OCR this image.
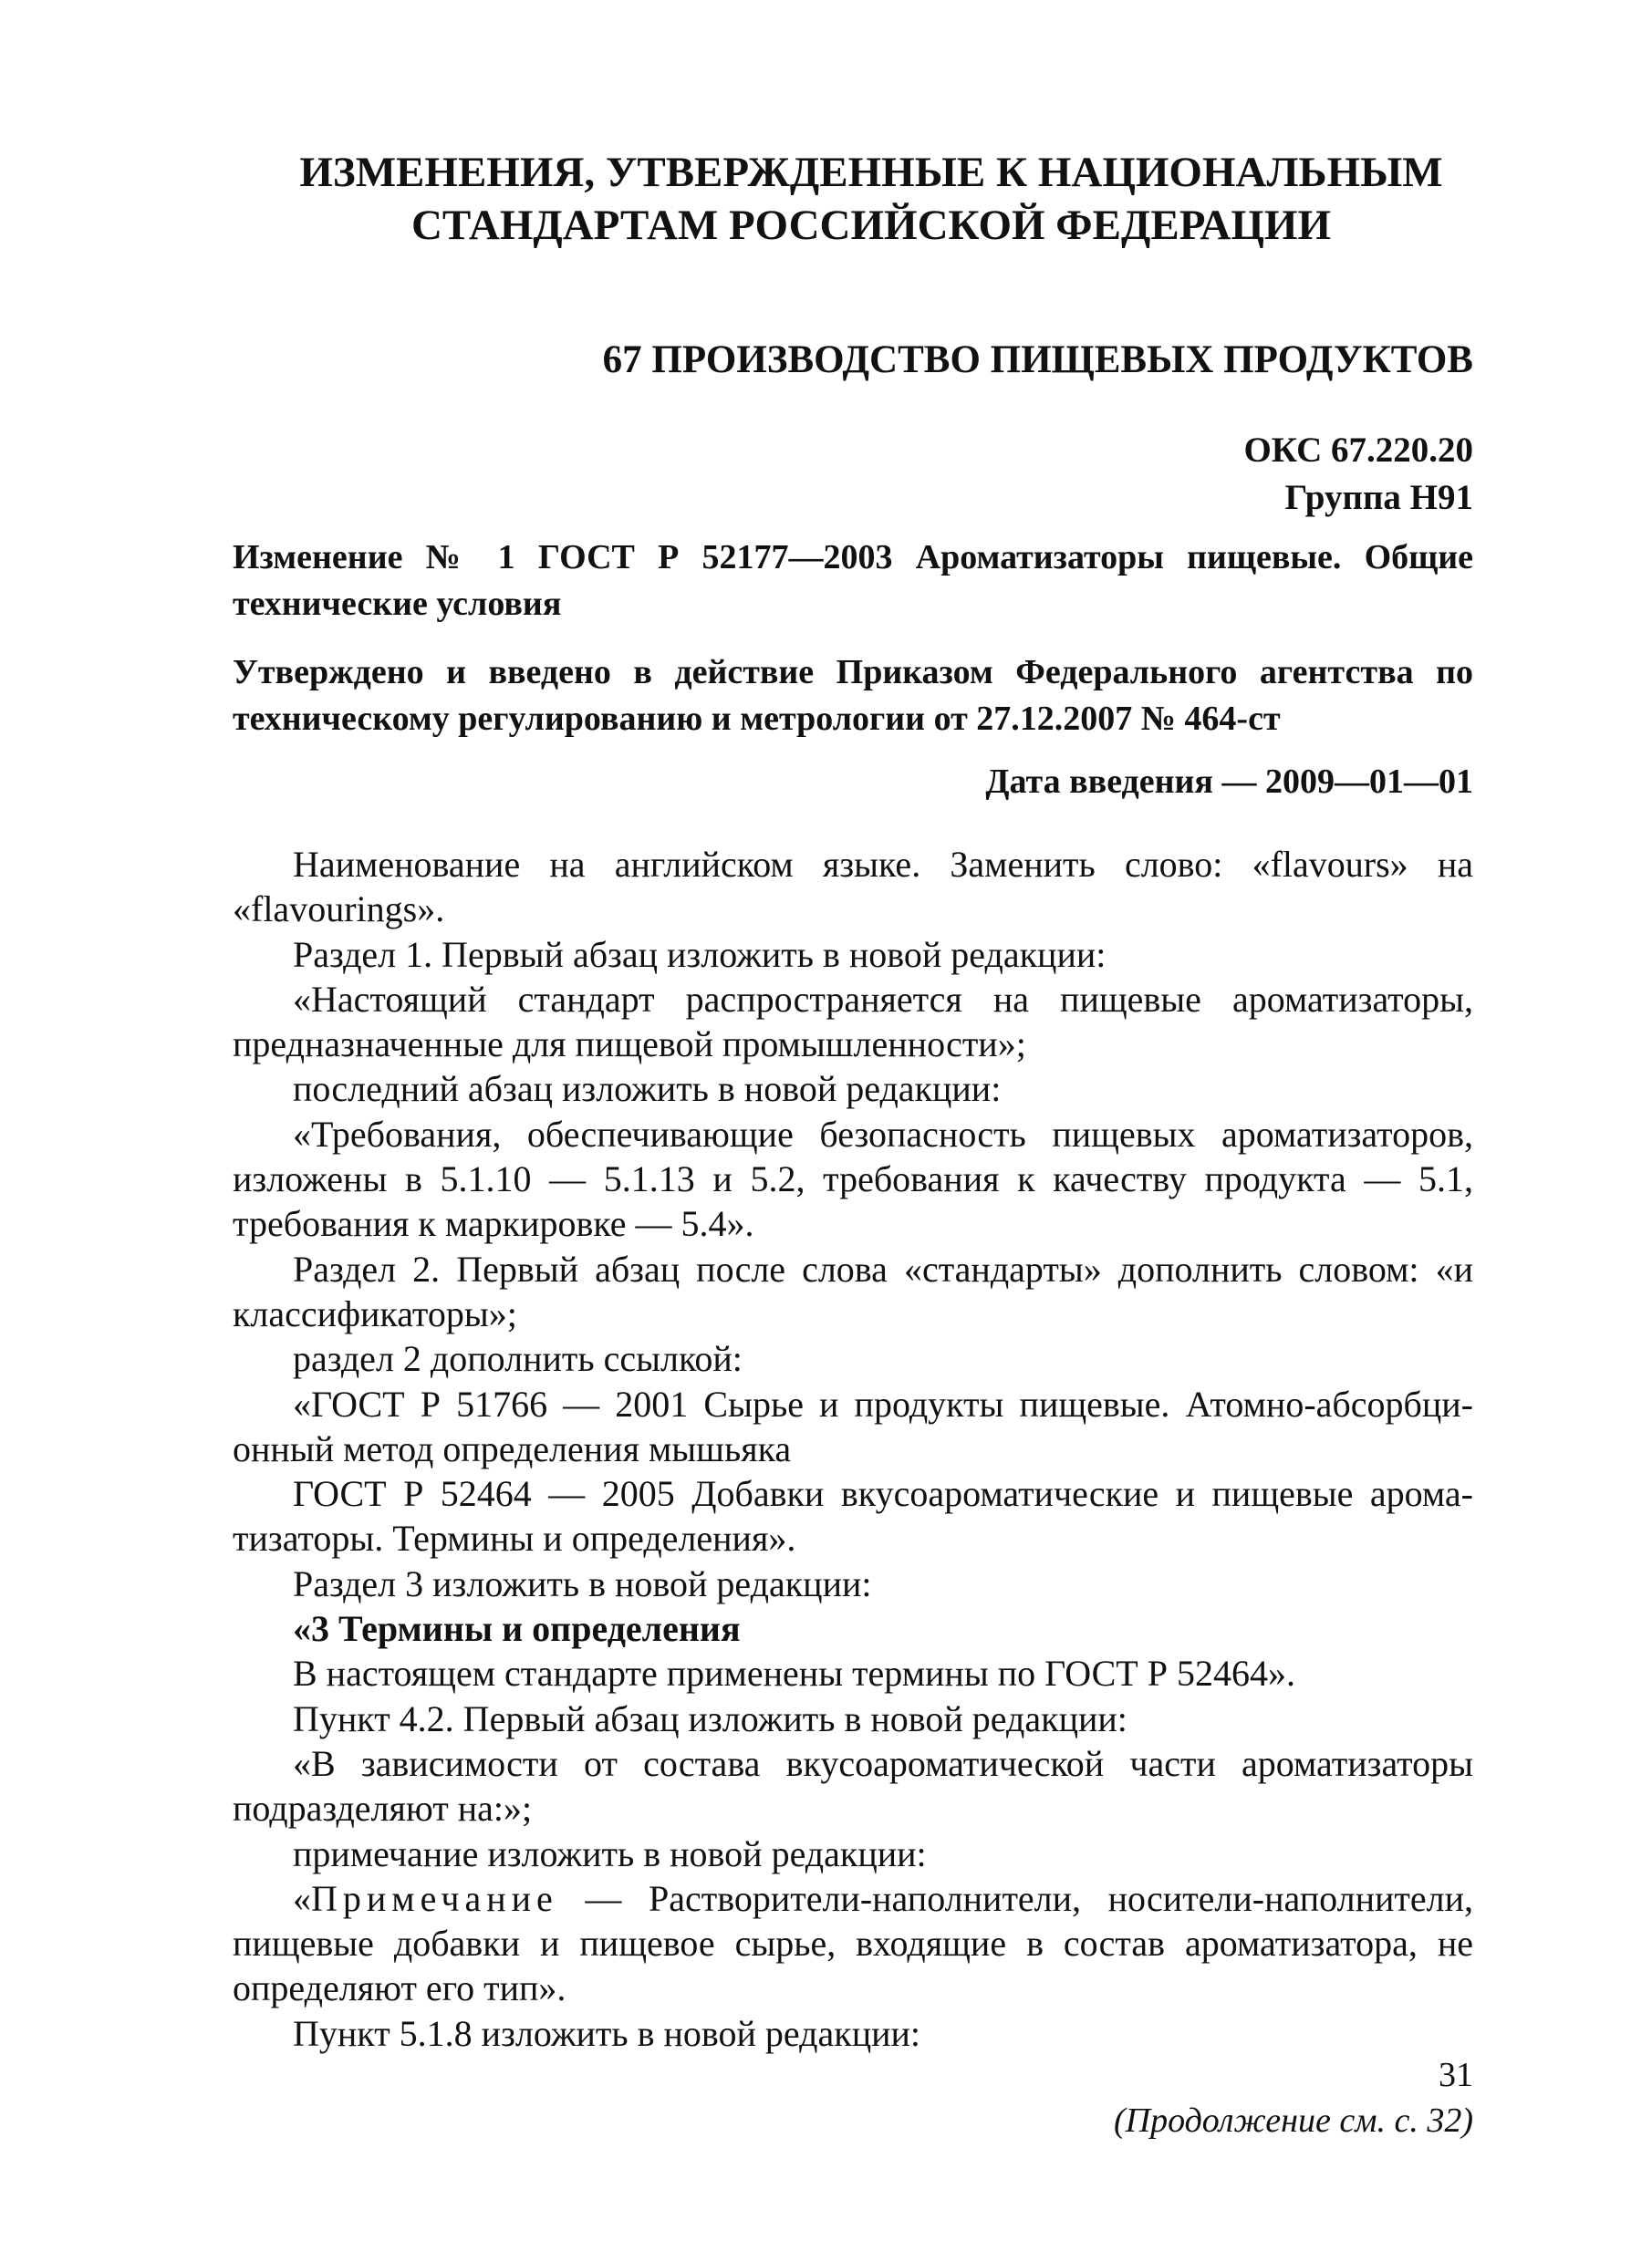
ИЗМЕНЕНИЯ, УТВЕРЖДЕННЫЕ К НАЦИОНАЛЬНЫМ
СТАНДАРТАМ РОССИЙСКОЙ ФЕДЕРАЦИИ
67 ПРОИЗВОДСТВО ПИЩЕВЫХ ПРОДУКТОВ
ОКС 67.220.20
Группа Н91

Изменение № 1 ГОСТ Р 52177—2003 Ароматизаторы пищевые. Общие технические условия

Утверждено и введено в действие Приказом Федерального агентства по техническому регулированию и метрологии от 27.12.2007 № 464-ст

Дата введения — 2009—01—01

Наименование на английском языке. Заменить слово: «flavours» на «flavourings».

Раздел 1. Первый абзац изложить в новой редакции:

«Настоящий стандарт распространяется на пищевые ароматизаторы, предназначенные для пищевой промышленности»;

последний абзац изложить в новой редакции:

«Требования, обеспечивающие безопасность пищевых ароматизаторов, изложены в 5.1.10 — 5.1.13 и 5.2, требования к качеству продукта — 5.1, требования к маркировке — 5.4».

Раздел 2. Первый абзац после слова «стандарты» дополнить словом: «и классификаторы»;

раздел 2 дополнить ссылкой:

«ГОСТ Р 51766 — 2001 Сырье и продукты пищевые. Атомно-абсорбционный метод определения мышьяка

ГОСТ Р 52464 — 2005 Добавки вкусоароматические и пищевые ароматизаторы. Термины и определения».

Раздел 3 изложить в новой редакции:

«3 Термины и определения

В настоящем стандарте применены термины по ГОСТ Р 52464».

Пункт 4.2. Первый абзац изложить в новой редакции:

«В зависимости от состава вкусоароматической части ароматизаторы подразделяют на:»;

примечание изложить в новой редакции:

«Примечание — Растворители-наполнители, носители-наполнители, пищевые добавки и пищевое сырье, входящие в состав ароматизатора, не определяют его тип».

Пункт 5.1.8 изложить в новой редакции:

(Продолжение см. с. 32)
31
